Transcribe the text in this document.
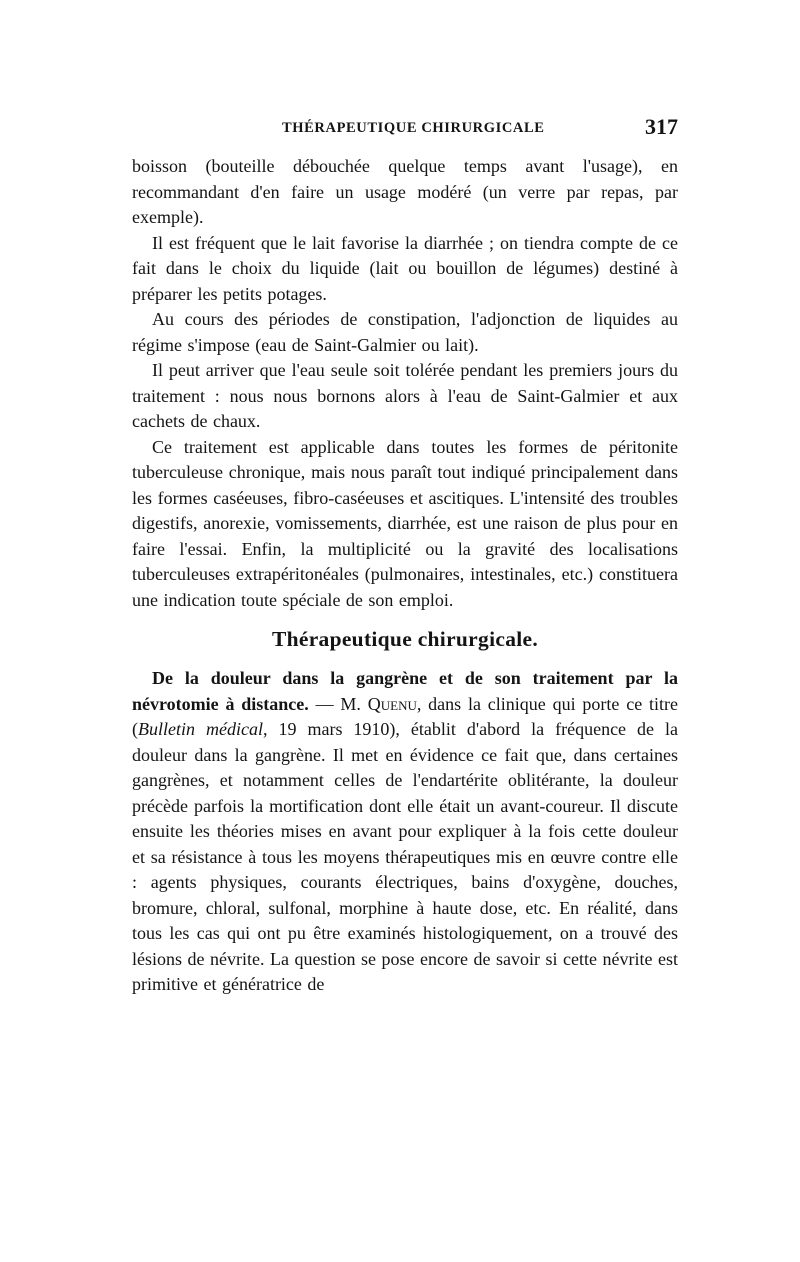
THÉRAPEUTIQUE CHIRURGICALE	317

boisson (bouteille débouchée quelque temps avant l'usage), en recommandant d'en faire un usage modéré (un verre par repas, par exemple).

Il est fréquent que le lait favorise la diarrhée ; on tiendra compte de ce fait dans le choix du liquide (lait ou bouillon de légumes) destiné à préparer les petits potages.

Au cours des périodes de constipation, l'adjonction de liquides au régime s'impose (eau de Saint-Galmier ou lait).

Il peut arriver que l'eau seule soit tolérée pendant les premiers jours du traitement : nous nous bornons alors à l'eau de Saint-Galmier et aux cachets de chaux.

Ce traitement est applicable dans toutes les formes de péritonite tuberculeuse chronique, mais nous paraît tout indiqué principalement dans les formes caséeuses, fibro-caséeuses et ascitiques. L'intensité des troubles digestifs, anorexie, vomissements, diarrhée, est une raison de plus pour en faire l'essai. Enfin, la multiplicité ou la gravité des localisations tuberculeuses extrapéritonéales (pulmonaires, intestinales, etc.) constituera une indication toute spéciale de son emploi.

Thérapeutique chirurgicale.

De la douleur dans la gangrène et de son traitement par la névrotomie à distance. — M. Quenu, dans la clinique qui porte ce titre (Bulletin médical, 19 mars 1910), établit d'abord la fréquence de la douleur dans la gangrène. Il met en évidence ce fait que, dans certaines gangrènes, et notamment celles de l'endartérite oblitérante, la douleur précède parfois la mortification dont elle était un avant-coureur. Il discute ensuite les théories mises en avant pour expliquer à la fois cette douleur et sa résistance à tous les moyens thérapeutiques mis en œuvre contre elle : agents physiques, courants électriques, bains d'oxygène, douches, bromure, chloral, sulfonal, morphine à haute dose, etc. En réalité, dans tous les cas qui ont pu être examinés histologiquement, on a trouvé des lésions de névrite. La question se pose encore de savoir si cette névrite est primitive et génératrice de
